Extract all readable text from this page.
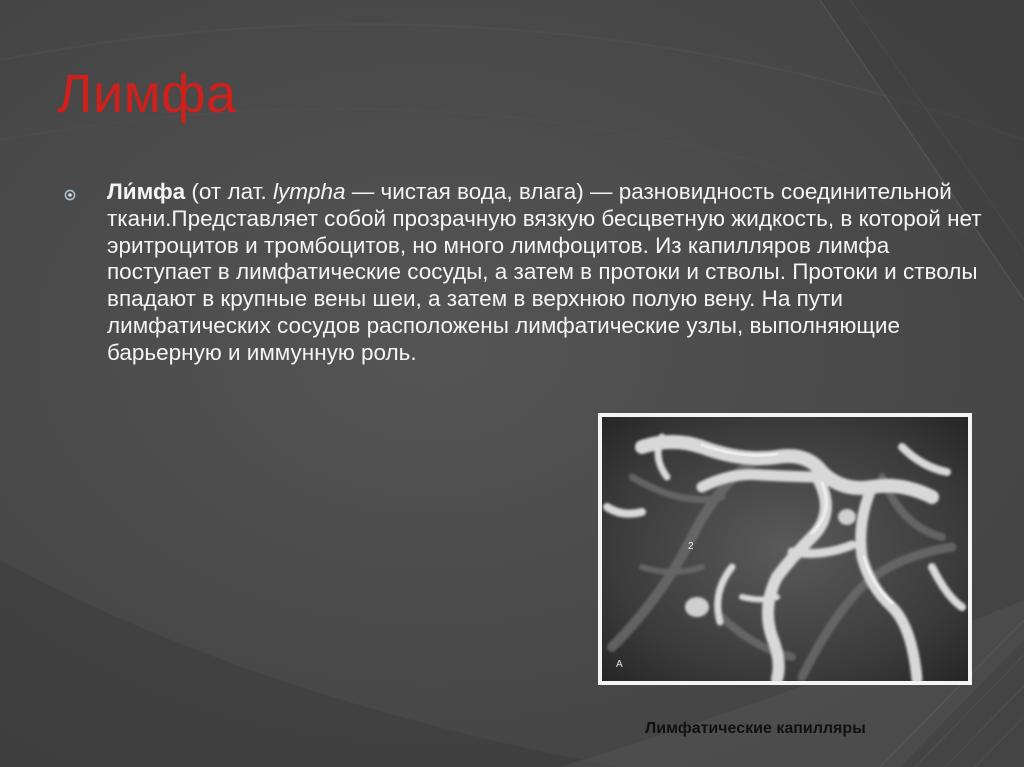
Лимфа

Ли́мфа (от лат. lympha — чистая вода, влага) — разновидность соединительной ткани.Представляет собой прозрачную вязкую бесцветную жидкость, в которой нет эритроцитов и тромбоцитов, но много лимфоцитов. Из капилляров лимфа поступает в лимфатические сосуды, а затем в протоки и стволы. Протоки и стволы впадают в крупные вены шеи, а затем в верхнюю полую вену. На пути лимфатических сосудов расположены лимфатические узлы, выполняющие барьерную и иммунную роль.

2
А

Лимфатические капилляры
